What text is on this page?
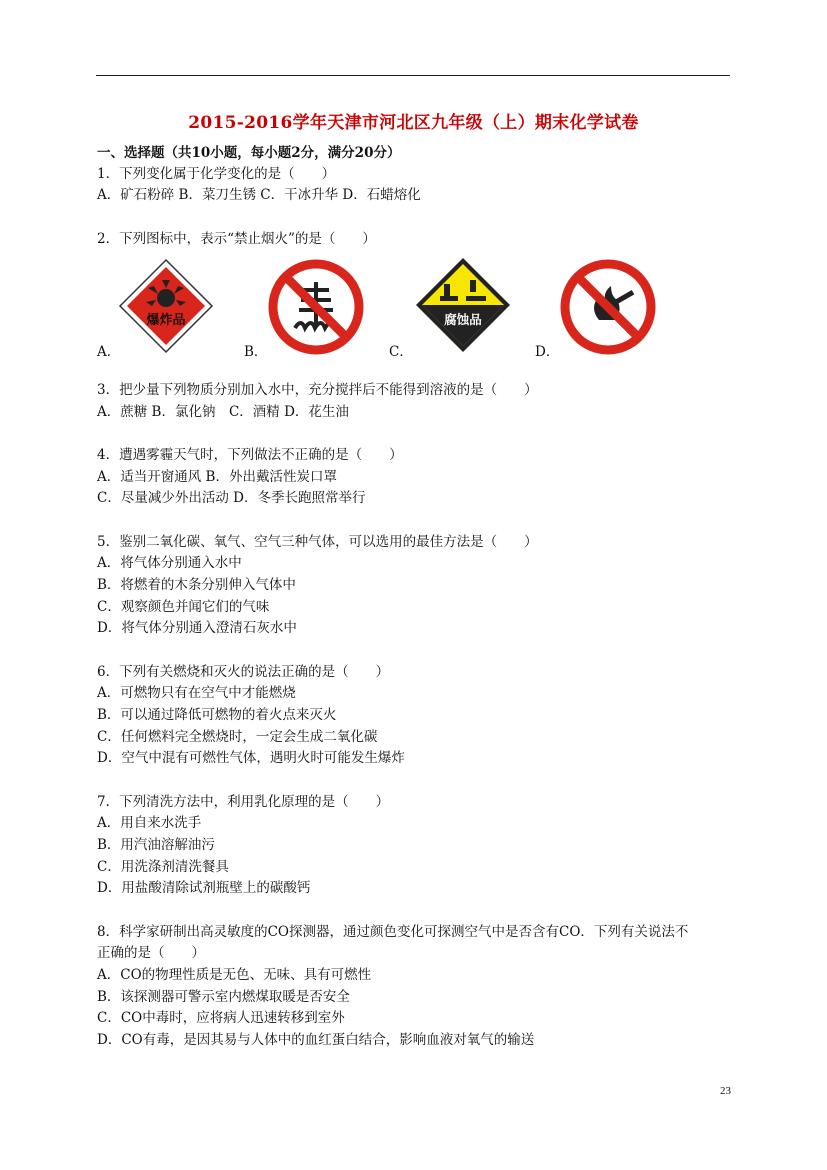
2015-2016学年天津市河北区九年级（上）期末化学试卷
一、选择题（共10小题，每小题2分，满分20分）
1．下列变化属于化学变化的是（　　）
A．矿石粉碎 B．菜刀生锈 C．干冰升华 D．石蜡熔化
2．下列图标中，表示“禁止烟火”的是（　　）
爆炸品
A．	B．
腐蚀品
C．	D．
3．把少量下列物质分别加入水中，充分搅拌后不能得到溶液的是（　　）
A．蔗糖 B．氯化钠　C．酒精 D．花生油
4．遭遇雾霾天气时，下列做法不正确的是（　　）
A．适当开窗通风 B．外出戴活性炭口罩
C．尽量减少外出活动 D．冬季长跑照常举行
5．鉴别二氧化碳、氧气、空气三种气体，可以选用的最佳方法是（　　）
A．将气体分别通入水中
B．将燃着的木条分别伸入气体中
C．观察颜色并闻它们的气味
D．将气体分别通入澄清石灰水中
6．下列有关燃烧和灭火的说法正确的是（　　）
A．可燃物只有在空气中才能燃烧
B．可以通过降低可燃物的着火点来灭火
C．任何燃料完全燃烧时，一定会生成二氧化碳
D．空气中混有可燃性气体，遇明火时可能发生爆炸
7．下列清洗方法中，利用乳化原理的是（　　）
A．用自来水洗手
B．用汽油溶解油污
C．用洗涤剂清洗餐具
D．用盐酸清除试剂瓶壁上的碳酸钙
8．科学家研制出高灵敏度的CO探测器，通过颜色变化可探测空气中是否含有CO．下列有关说法不
正确的是（　　）
A．CO的物理性质是无色、无味、具有可燃性
B．该探测器可警示室内燃煤取暖是否安全
C．CO中毒时，应将病人迅速转移到室外
D．CO有毒，是因其易与人体中的血红蛋白结合，影响血液对氧气的输送
23
